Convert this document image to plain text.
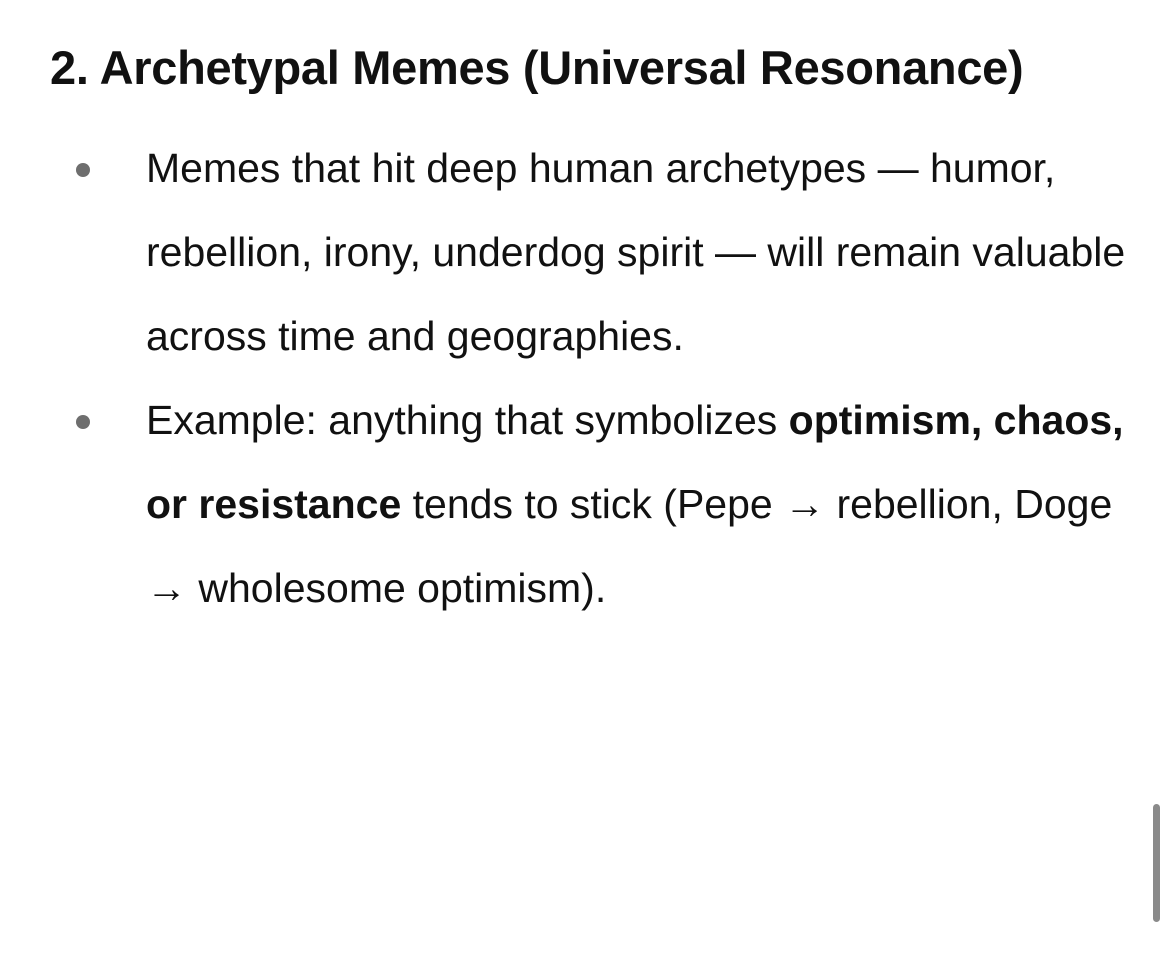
2. Archetypal Memes (Universal Resonance)
Memes that hit deep human archetypes — humor, rebellion, irony, underdog spirit — will remain valuable across time and geographies.
Example: anything that symbolizes optimism, chaos, or resistance tends to stick (Pepe → rebellion, Doge → wholesome optimism).
